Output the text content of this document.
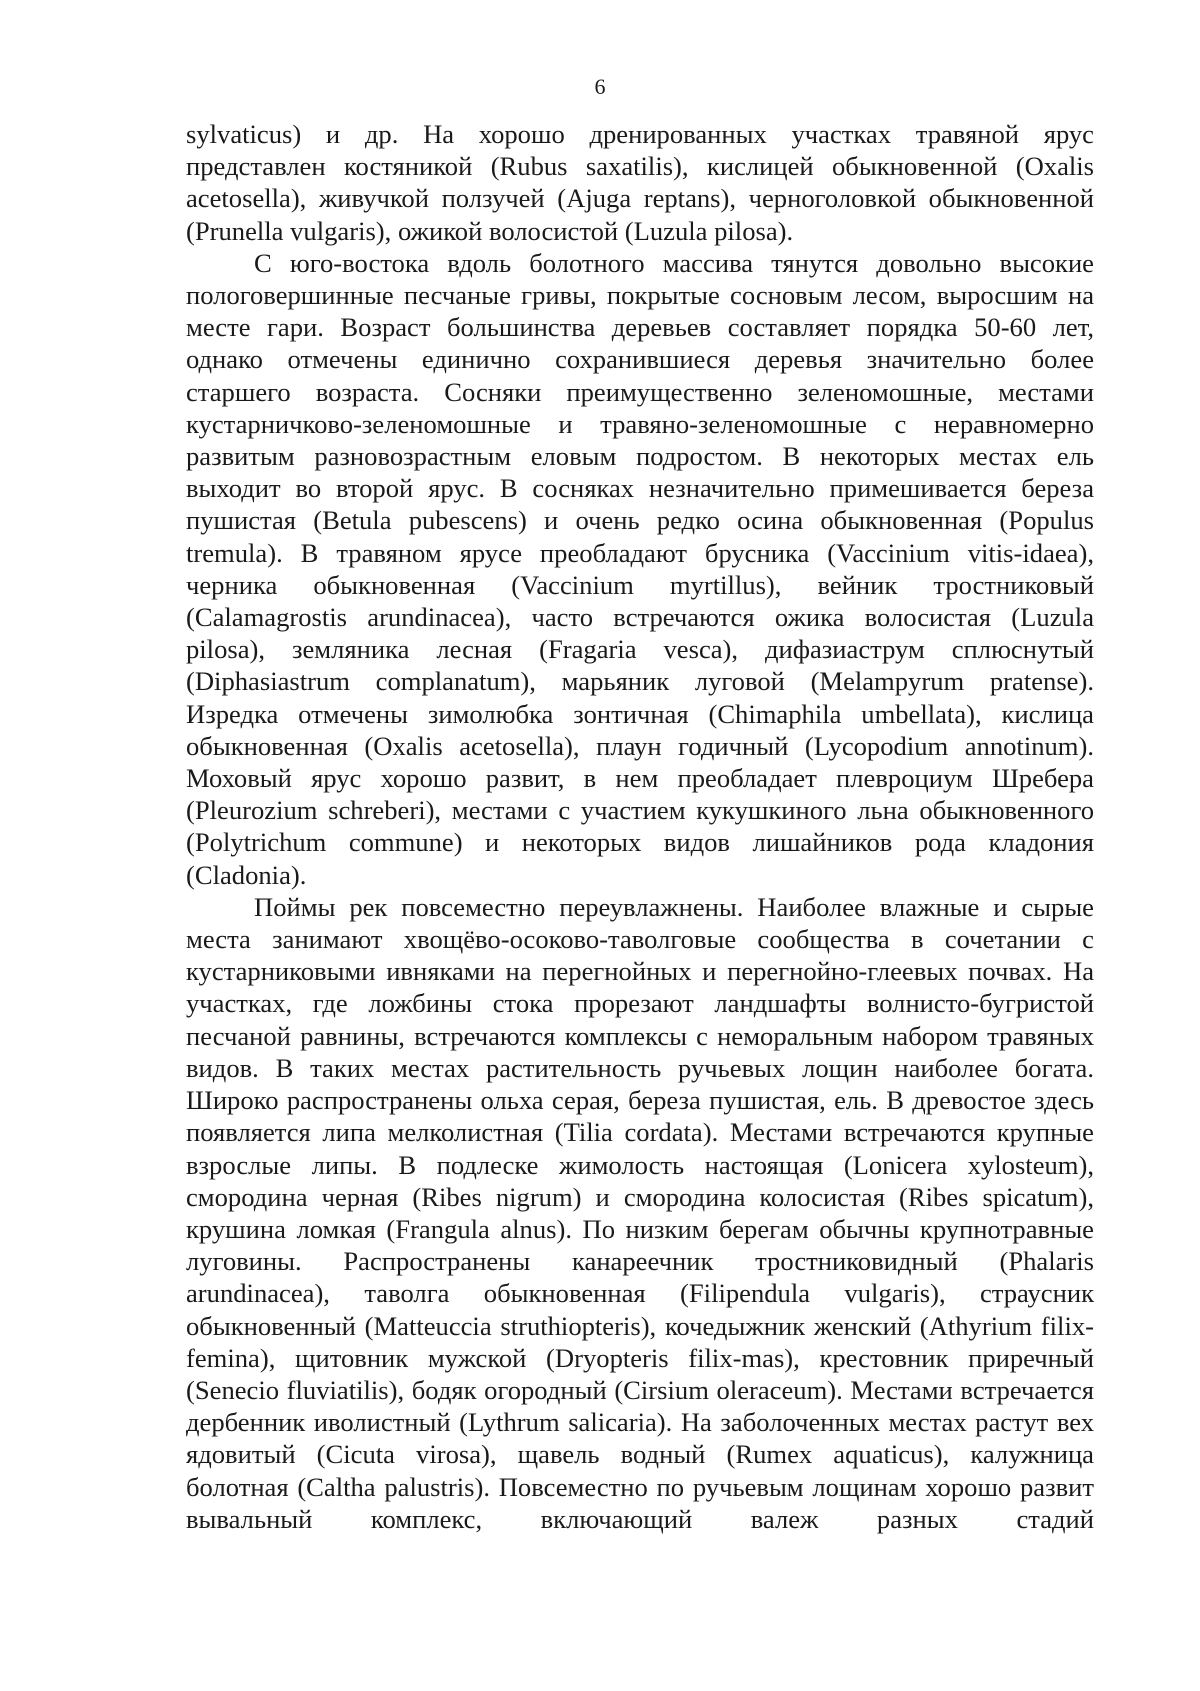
6

sylvaticus) и др. На хорошо дренированных участках травяной ярус представлен костяникой (Rubus saxatilis), кислицей обыкновенной (Oxalis acetosella), живучкой ползучей (Ajuga reptans), черноголовкой обыкновенной (Prunella vulgaris), ожикой волосистой (Luzula pilosa).

С юго-востока вдоль болотного массива тянутся довольно высокие пологовершинные песчаные гривы, покрытые сосновым лесом, выросшим на месте гари. Возраст большинства деревьев составляет порядка 50-60 лет, однако отмечены единично сохранившиеся деревья значительно более старшего возраста. Сосняки преимущественно зеленомошные, местами кустарничково-зеленомошные и травяно-зеленомошные с неравномерно развитым разновозрастным еловым подростом. В некоторых местах ель выходит во второй ярус. В сосняках незначительно примешивается береза пушистая (Betula pubescens) и очень редко осина обыкновенная (Populus tremula). В травяном ярусе преобладают брусника (Vaccinium vitis-idaea), черника обыкновенная (Vaccinium myrtillus), вейник тростниковый (Calamagrostis arundinacea), часто встречаются ожика волосистая (Luzula pilosa), земляника лесная (Fragaria vesca), дифазиаструм сплюснутый (Diphasiastrum complanatum), марьяник луговой (Melampyrum pratense). Изредка отмечены зимолюбка зонтичная (Chimaphila umbellata), кислица обыкновенная (Oxalis acetosella), плаун годичный (Lycopodium annotinum). Моховый ярус хорошо развит, в нем преобладает плевроциум Шребера (Pleurozium schreberi), местами с участием кукушкиного льна обыкновенного (Polytrichum commune) и некоторых видов лишайников рода кладония (Cladonia).

Поймы рек повсеместно переувлажнены. Наиболее влажные и сырые места занимают хвощёво-осоково-таволговые сообщества в сочетании с кустарниковыми ивняками на перегнойных и перегнойно-глеевых почвах. На участках, где ложбины стока прорезают ландшафты волнисто-бугристой песчаной равнины, встречаются комплексы с неморальным набором травяных видов. В таких местах растительность ручьевых лощин наиболее богата. Широко распространены ольха серая, береза пушистая, ель. В древостое здесь появляется липа мелколистная (Tilia cordata). Местами встречаются крупные взрослые липы. В подлеске жимолость настоящая (Lonicera xylosteum), смородина черная (Ribes nigrum) и смородина колосистая (Ribes spicatum), крушина ломкая (Frangula alnus). По низким берегам обычны крупнотравные луговины. Распространены канареечник тростниковидный (Phalaris arundinacea), таволга обыкновенная (Filipendula vulgaris), страусник обыкновенный (Matteuccia struthiopteris), кочедыжник женский (Athyrium filix-femina), щитовник мужской (Dryopteris filix-mas), крестовник приречный (Senecio fluviatilis), бодяк огородный (Cirsium oleraceum). Местами встречается дербенник иволистный (Lythrum salicaria). На заболоченных местах растут вех ядовитый (Cicuta virosa), щавель водный (Rumex aquaticus), калужница болотная (Caltha palustris). Повсеместно по ручьевым лощинам хорошо развит вывальный комплекс, включающий валеж разных стадий
